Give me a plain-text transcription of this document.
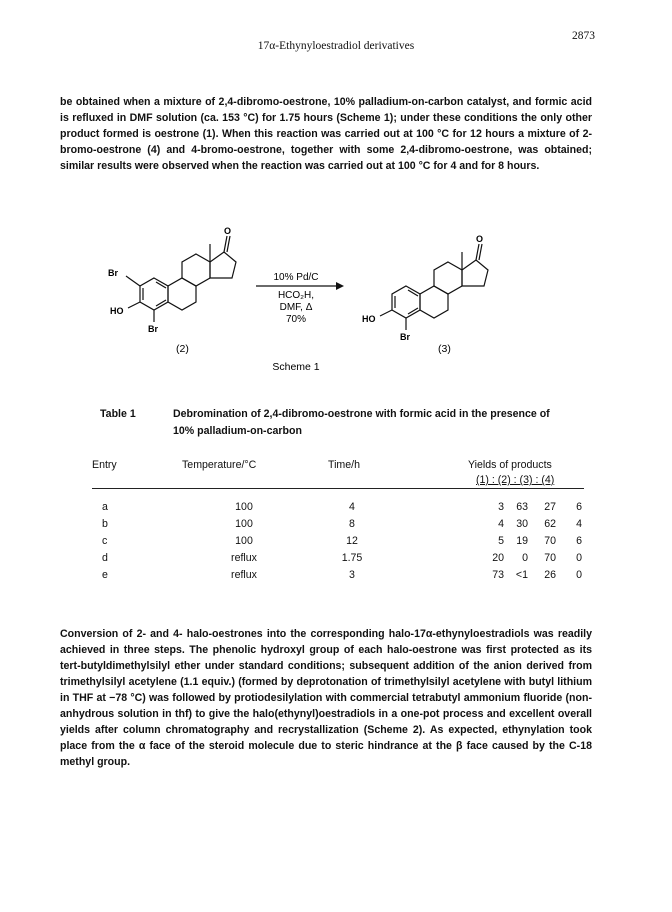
17α-Ethynyloestradiol derivatives
2873

be obtained when a mixture of 2,4-dibromo-oestrone, 10% palladium-on-carbon catalyst, and formic acid is refluxed in DMF solution (ca. 153 °C) for 1.75 hours (Scheme 1); under these conditions the only other product formed is oestrone (1). When this reaction was carried out at 100 °C for 12 hours a mixture of 2-bromo-oestrone (4) and 4-bromo-oestrone, together with some 2,4-dibromo-oestrone, was obtained; similar results were observed when the reaction was carried out at 100 °C for 4 and for 8 hours.

Br
HO
Br
O
(2)
10% Pd/C
HCO₂H,
DMF, Δ
70%	HO
Br
O
(3)
Scheme 1
Table 1	Debromination of 2,4-dibromo-oestrone with formic acid in the presence of 10% palladium-on-carbon
Entry	Temperature/°C	Time/h	Yields of products
(1) : (2) : (3) : (4)
a	100	4	3	63	27	6
b	100	8	4	30	62	4
c	100	12	5	19	70	6
d	reflux	1.75	20	0	70	0
e	reflux	3	73	<1	26	0

Conversion of 2- and 4- halo-oestrones into the corresponding halo-17α-ethynyloestradiols was readily achieved in three steps. The phenolic hydroxyl group of each halo-oestrone was first protected as its tert-butyldimethylsilyl ether under standard conditions; subsequent addition of the anion derived from trimethylsilyl acetylene (1.1 equiv.) (formed by deprotonation of trimethylsilyl acetylene with butyl lithium in THF at −78 °C) was followed by protiodesilylation with commercial tetrabutyl ammonium fluoride (non-anhydrous solution in thf) to give the halo(ethynyl)oestradiols in a one-pot process and excellent overall yields after column chromatography and recrystallization (Scheme 2). As expected, ethynylation took place from the α face of the steroid molecule due to steric hindrance at the β face caused by the C-18 methyl group.
